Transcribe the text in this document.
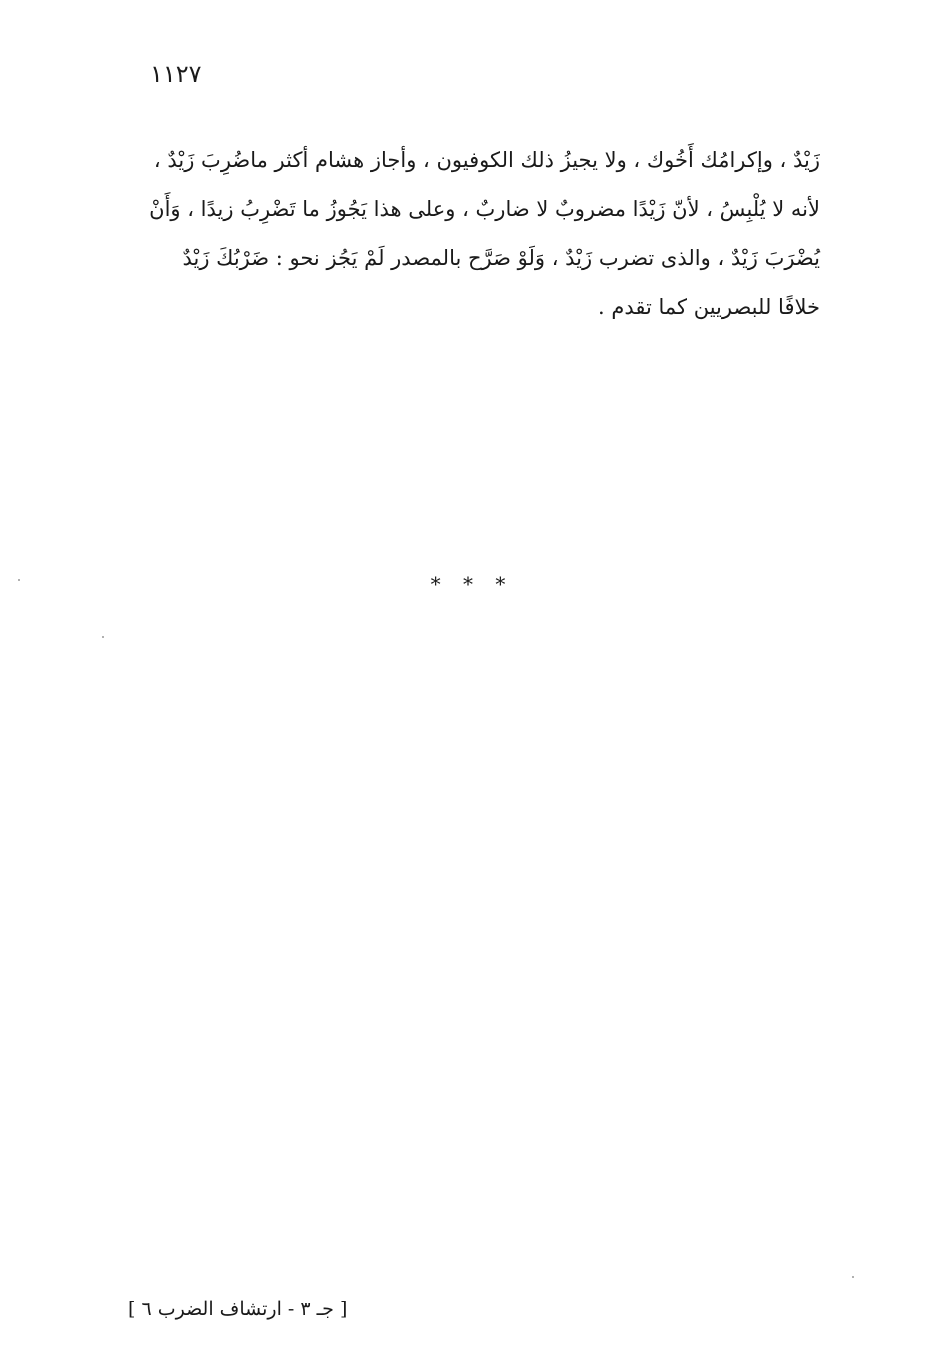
١١٢٧

زَيْدٌ ، وإكرامُك أَخُوك ، ولا يجيزُ ذلك الكوفيون ، وأجاز هشام أكثر ماضُرِبَ زَيْدٌ ،

لأنه لا يُلْبِسُ ، لأنّ زَيْدًا مضروبٌ لا ضاربٌ ، وعلى هذا يَجُوزُ ما تَضْرِبُ زيدًا ، وَأَنْ

يُضْرَبَ زَيْدٌ ، والذى تضرب زَيْدٌ ، وَلَوْ صَرَّح بالمصدر لَمْ يَجُز نحو : ضَرْبُكَ زَيْدٌ

خلافًا للبصريين كما تقدم .

* * *
[ جـ ٣ - ارتشاف الضرب ٦ ]
